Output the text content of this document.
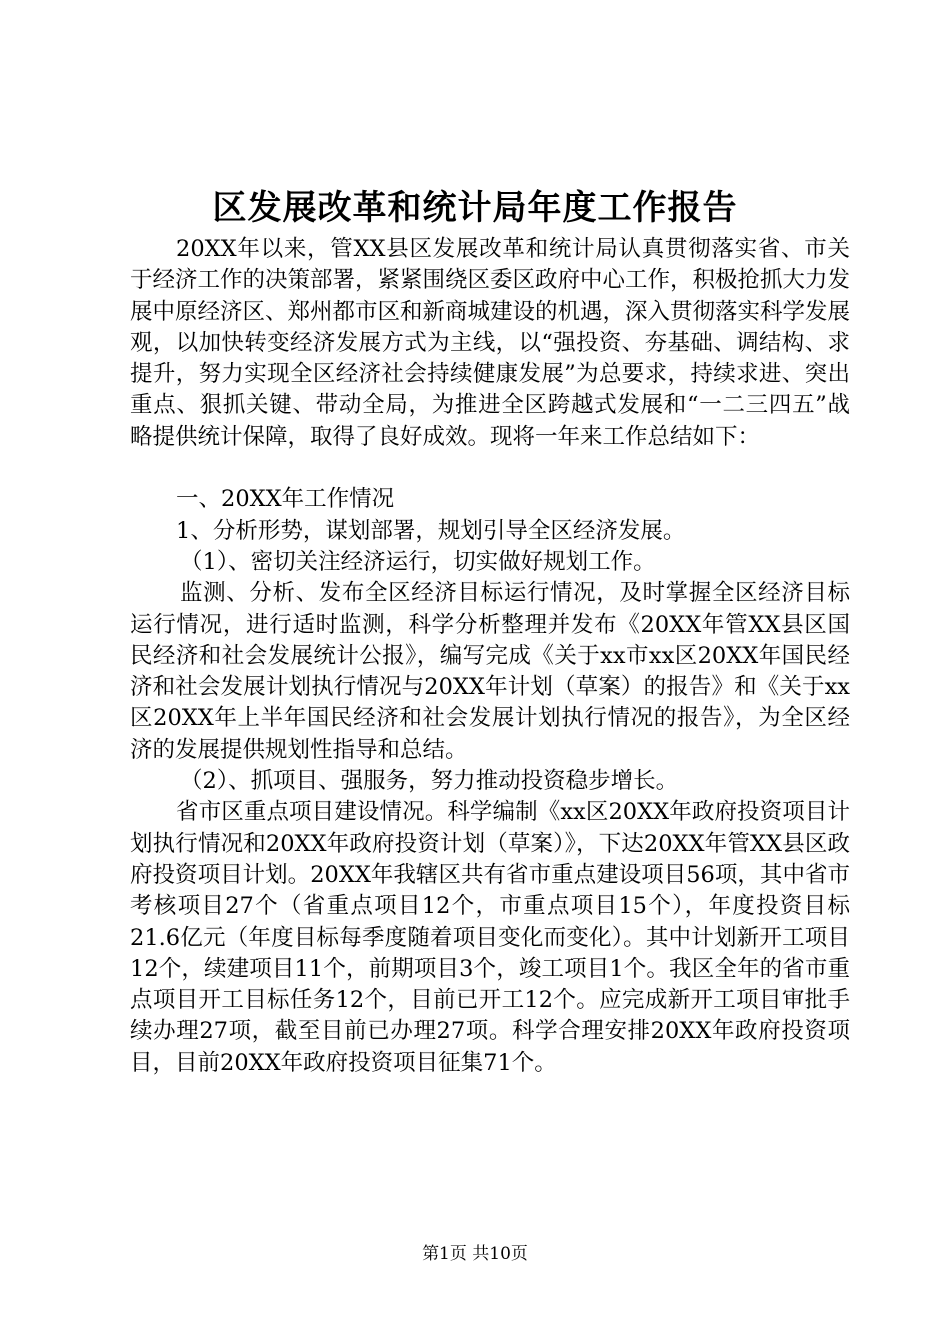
区发展改革和统计局年度工作报告

20XX年以来，管XX县区发展改革和统计局认真贯彻落实省、市关于经济工作的决策部署，紧紧围绕区委区政府中心工作，积极抢抓大力发展中原经济区、郑州都市区和新商城建设的机遇，深入贯彻落实科学发展观，以加快转变经济发展方式为主线，以“强投资、夯基础、调结构、求提升，努力实现全区经济社会持续健康发展”为总要求，持续求进、突出重点、狠抓关键、带动全局，为推进全区跨越式发展和“一二三四五”战略提供统计保障，取得了良好成效。现将一年来工作总结如下：

一、20XX年工作情况

1、分析形势，谋划部署，规划引导全区经济发展。

（1）、密切关注经济运行，切实做好规划工作。

监测、分析、发布全区经济目标运行情况，及时掌握全区经济目标运行情况，进行适时监测，科学分析整理并发布《20XX年管XX县区国民经济和社会发展统计公报》，编写完成《关于xx市xx区20XX年国民经济和社会发展计划执行情况与20XX年计划（草案）的报告》和《关于xx区20XX年上半年国民经济和社会发展计划执行情况的报告》，为全区经济的发展提供规划性指导和总结。

（2）、抓项目、强服务，努力推动投资稳步增长。

省市区重点项目建设情况。科学编制《xx区20XX年政府投资项目计划执行情况和20XX年政府投资计划（草案）》，下达20XX年管XX县区政府投资项目计划。20XX年我辖区共有省市重点建设项目56项，其中省市考核项目27个（省重点项目12个，市重点项目15个），年度投资目标21.6亿元（年度目标每季度随着项目变化而变化）。其中计划新开工项目12个，续建项目11个，前期项目3个，竣工项目1个。我区全年的省市重点项目开工目标任务12个，目前已开工12个。应完成新开工项目审批手续办理27项，截至目前已办理27项。科学合理安排20XX年政府投资项目，目前20XX年政府投资项目征集71个。

第1页 共10页
